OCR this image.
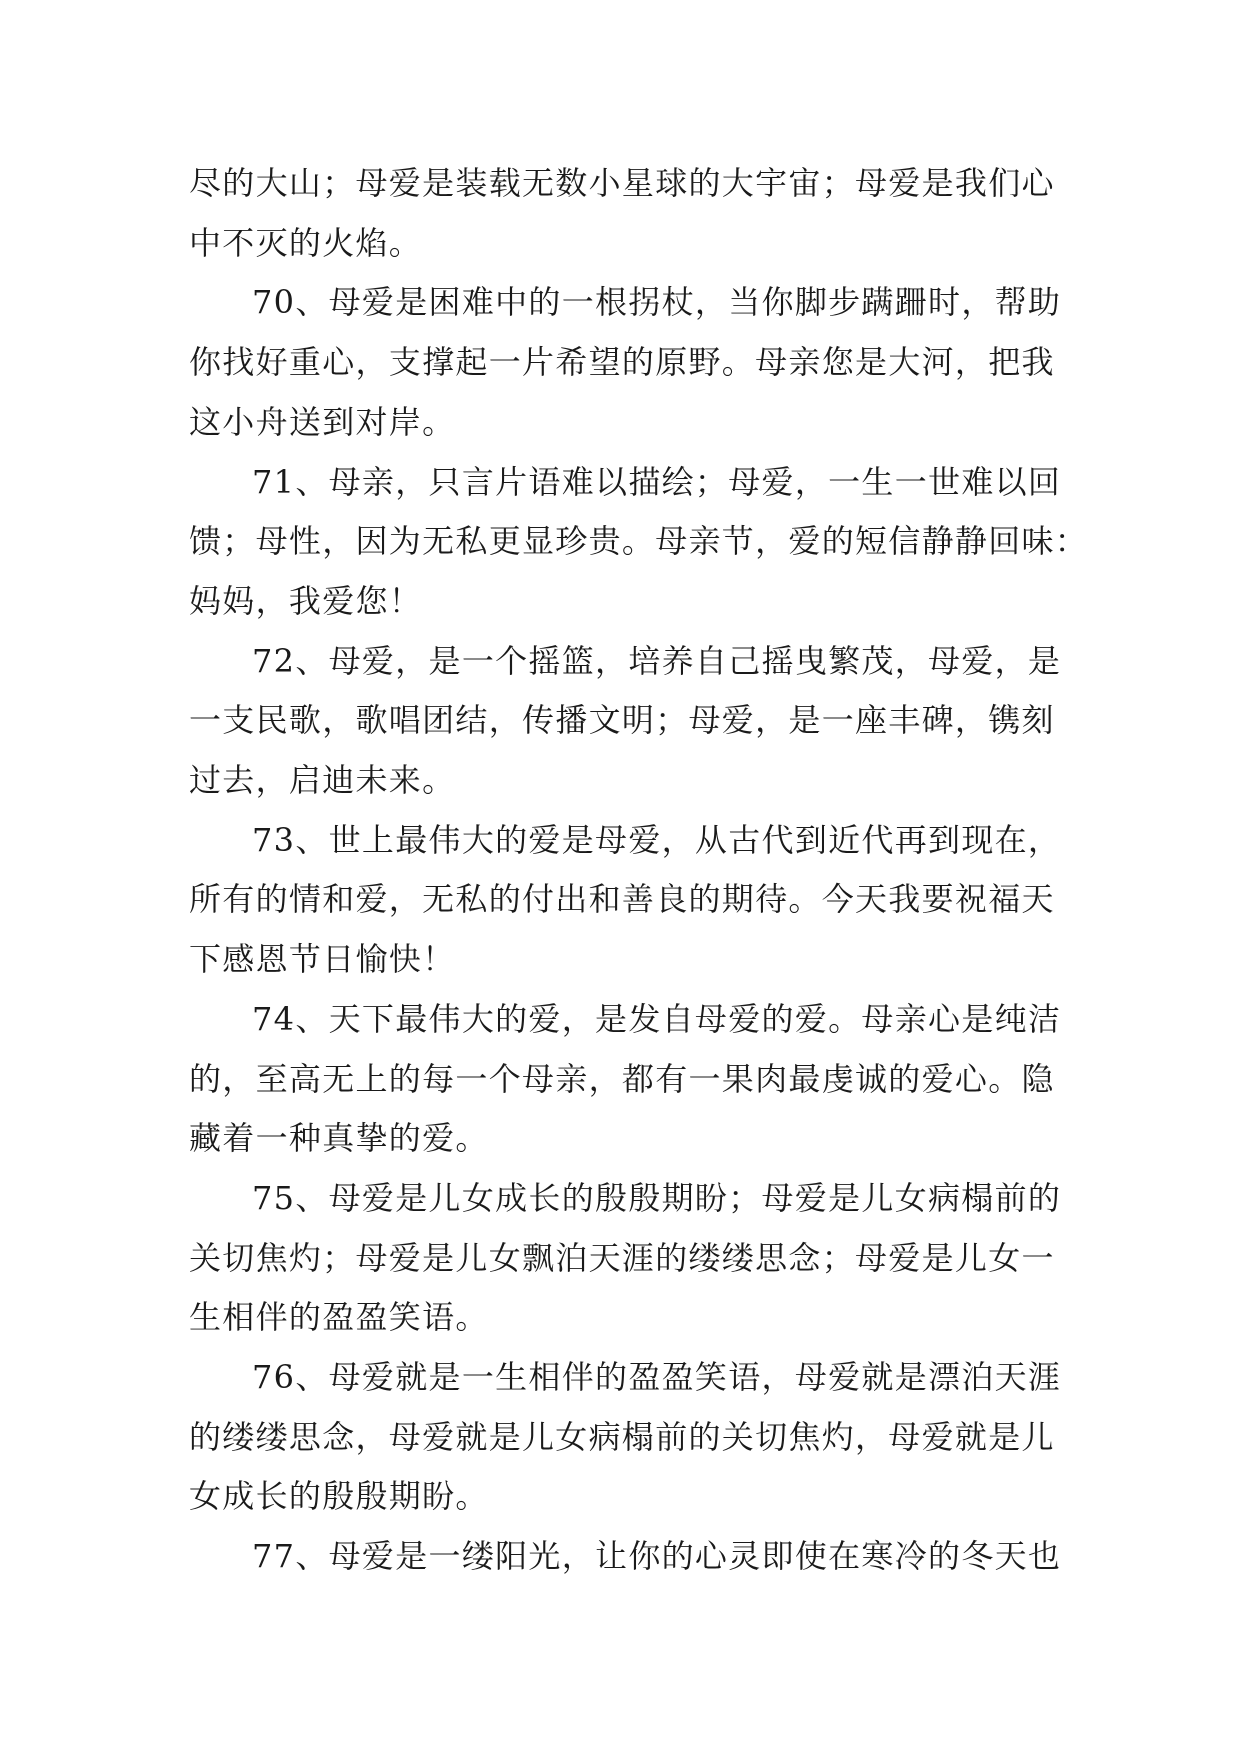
尽的大山；母爱是装载无数小星球的大宇宙；母爱是我们心
中不灭的火焰。
70、母爱是困难中的一根拐杖，当你脚步蹒跚时，帮助
你找好重心，支撑起一片希望的原野。母亲您是大河，把我
这小舟送到对岸。
71、母亲，只言片语难以描绘；母爱，一生一世难以回
馈；母性，因为无私更显珍贵。母亲节，爱的短信静静回味：
妈妈，我爱您！
72、母爱，是一个摇篮，培养自己摇曳繁茂，母爱，是
一支民歌，歌唱团结，传播文明；母爱，是一座丰碑，镌刻
过去，启迪未来。
73、世上最伟大的爱是母爱，从古代到近代再到现在，
所有的情和爱，无私的付出和善良的期待。今天我要祝福天
下感恩节日愉快！
74、天下最伟大的爱，是发自母爱的爱。母亲心是纯洁
的，至高无上的每一个母亲，都有一果肉最虔诚的爱心。隐
藏着一种真挚的爱。
75、母爱是儿女成长的殷殷期盼；母爱是儿女病榻前的
关切焦灼；母爱是儿女飘泊天涯的缕缕思念；母爱是儿女一
生相伴的盈盈笑语。
76、母爱就是一生相伴的盈盈笑语，母爱就是漂泊天涯
的缕缕思念，母爱就是儿女病榻前的关切焦灼，母爱就是儿
女成长的殷殷期盼。
77、母爱是一缕阳光，让你的心灵即使在寒冷的冬天也
